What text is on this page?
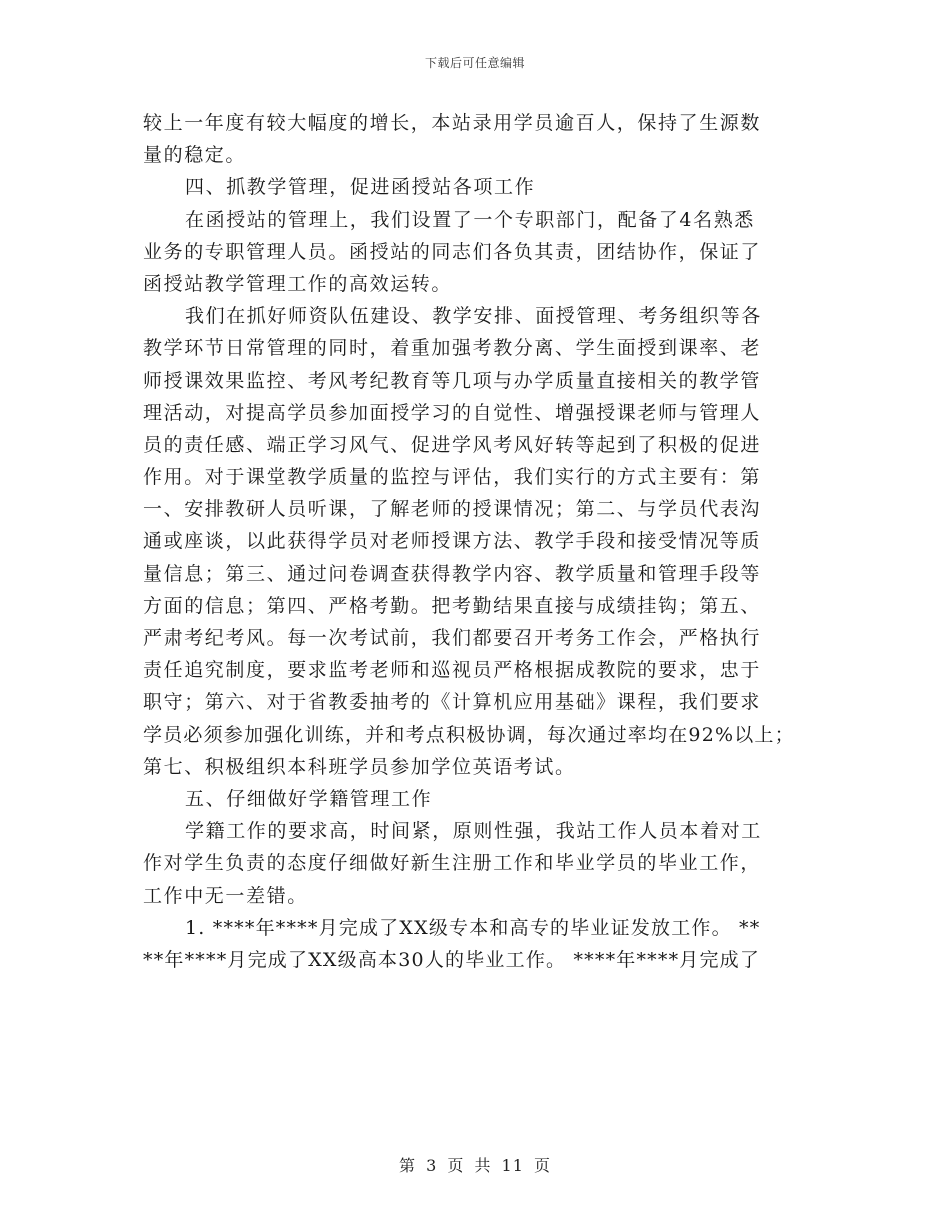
下载后可任意编辑
较上一年度有较大幅度的增长，本站录用学员逾百人，保持了生源数
量的稳定。
四、抓教学管理，促进函授站各项工作
在函授站的管理上，我们设置了一个专职部门，配备了4名熟悉
业务的专职管理人员。函授站的同志们各负其责，团结协作，保证了
函授站教学管理工作的高效运转。
我们在抓好师资队伍建设、教学安排、面授管理、考务组织等各
教学环节日常管理的同时，着重加强考教分离、学生面授到课率、老
师授课效果监控、考风考纪教育等几项与办学质量直接相关的教学管
理活动，对提高学员参加面授学习的自觉性、增强授课老师与管理人
员的责任感、端正学习风气、促进学风考风好转等起到了积极的促进
作用。对于课堂教学质量的监控与评估，我们实行的方式主要有：第
一、安排教研人员听课，了解老师的授课情况；第二、与学员代表沟
通或座谈，以此获得学员对老师授课方法、教学手段和接受情况等质
量信息；第三、通过问卷调查获得教学内容、教学质量和管理手段等
方面的信息；第四、严格考勤。把考勤结果直接与成绩挂钩；第五、
严肃考纪考风。每一次考试前，我们都要召开考务工作会，严格执行
责任追究制度，要求监考老师和巡视员严格根据成教院的要求，忠于
职守；第六、对于省教委抽考的《计算机应用基础》课程，我们要求
学员必须参加强化训练，并和考点积极协调，每次通过率均在92%以上；
第七、积极组织本科班学员参加学位英语考试。
五、仔细做好学籍管理工作
学籍工作的要求高，时间紧，原则性强，我站工作人员本着对工
作对学生负责的态度仔细做好新生注册工作和毕业学员的毕业工作，
工作中无一差错。
1. ****年****月完成了XX级专本和高专的毕业证发放工作。 **
**年****月完成了XX级高本30人的毕业工作。 ****年****月完成了
第 3 页 共 11 页
